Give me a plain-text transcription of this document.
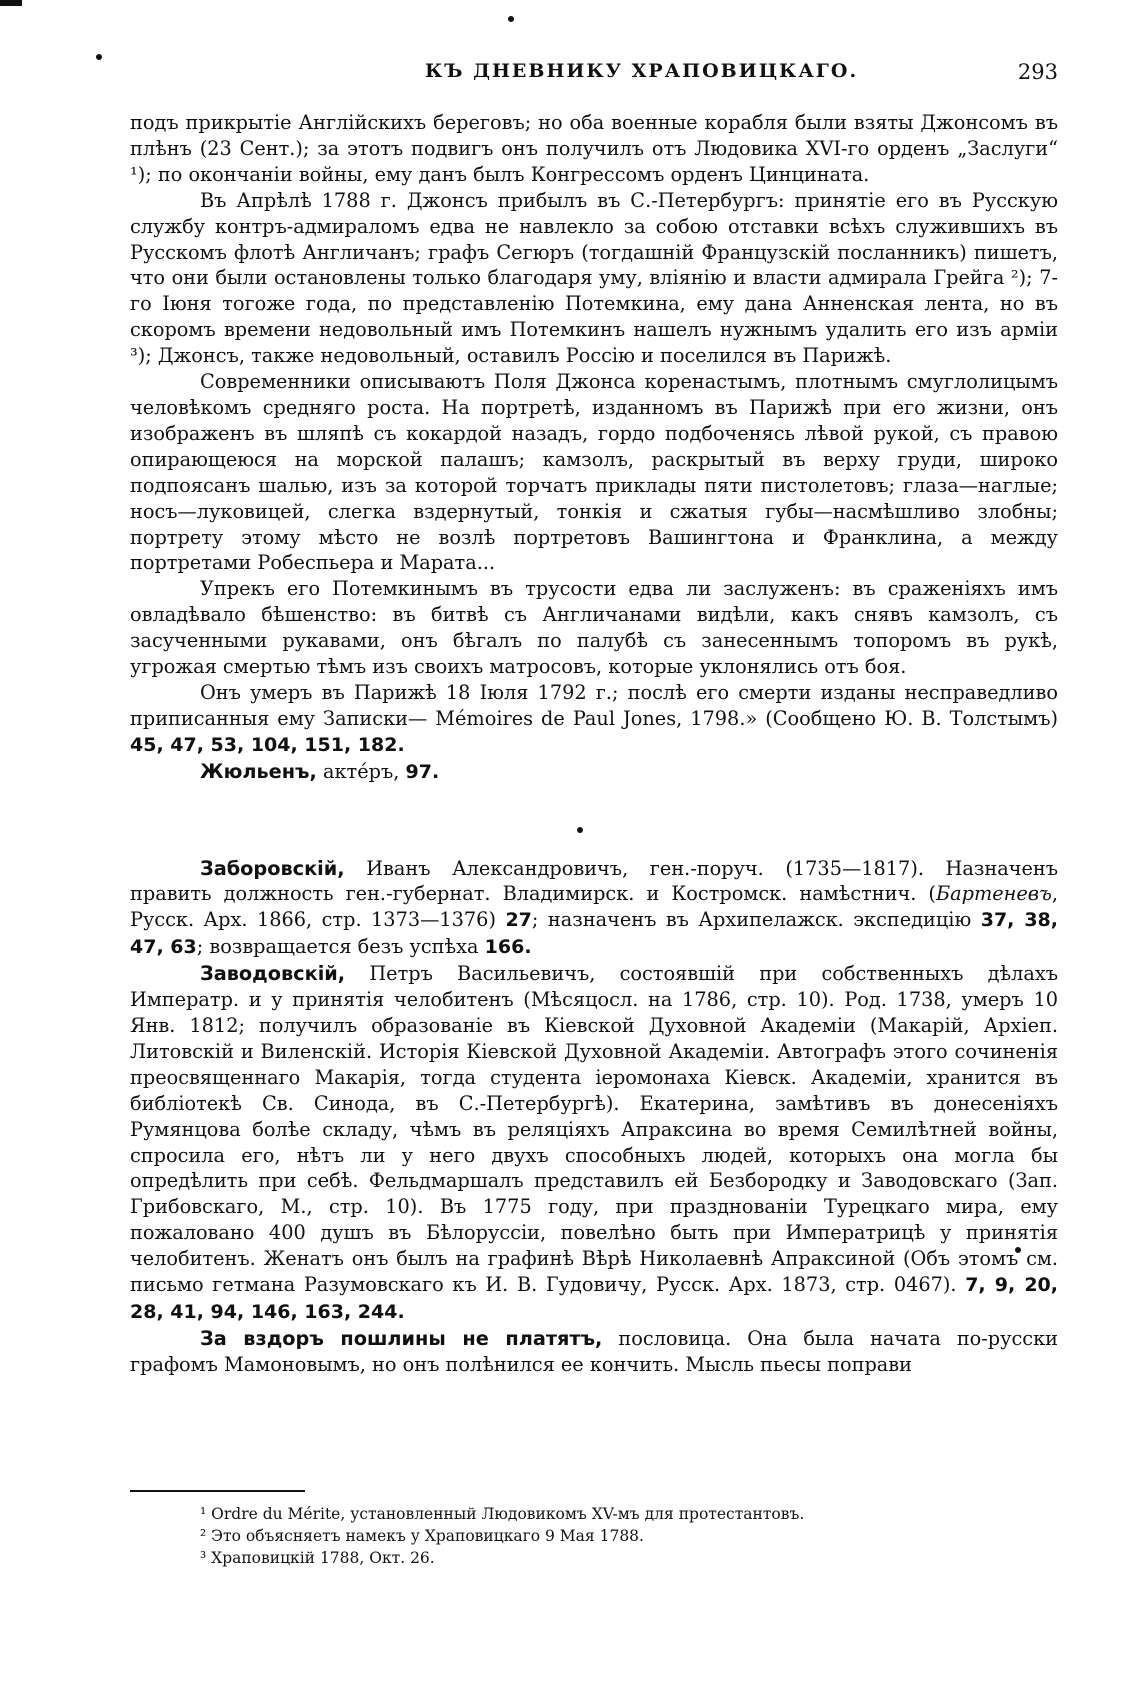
КЪ ДНЕВНИКУ ХРАПОВИЦКАГО.	293

подъ прикрытіе Англійскихъ береговъ; но оба военные корабля были взяты Джонсомъ въ плѣнъ (23 Сент.); за этотъ подвигъ онъ получилъ отъ Людовика XVI-го орденъ „Заслуги“ ¹); по окончаніи войны, ему данъ былъ Конгрессомъ орденъ Цинцината.

Въ Апрѣлѣ 1788 г. Джонсъ прибылъ въ С.-Петербургъ: принятіе его въ Русскую службу контръ-адмираломъ едва не навлекло за собою отставки всѣхъ служившихъ въ Русскомъ флотѣ Англичанъ; графъ Сегюръ (тогдашній Французскій посланникъ) пишетъ, что они были остановлены только благодаря уму, вліянію и власти адмирала Грейга ²); 7-го Іюня тогоже года, по представленію Потемкина, ему дана Анненская лента, но въ скоромъ времени недовольный имъ Потемкинъ нашелъ нужнымъ удалить его изъ арміи ³); Джонсъ, также недовольный, оставилъ Россію и поселился въ Парижѣ.

Современники описываютъ Поля Джонса коренастымъ, плотнымъ смуглолицымъ человѣкомъ средняго роста. На портретѣ, изданномъ въ Парижѣ при его жизни, онъ изображенъ въ шляпѣ съ кокардой назадъ, гордо подбоченясь лѣвой рукой, съ правою опирающеюся на морской палашъ; камзолъ, раскрытый въ верху груди, широко подпоясанъ шалью, изъ за которой торчатъ приклады пяти пистолетовъ; глаза—наглые; носъ—луковицей, слегка вздернутый, тонкія и сжатыя губы—насмѣшливо злобны; портрету этому мѣсто не возлѣ портретовъ Вашингтона и Франклина, а между портретами Робеспьера и Марата...

Упрекъ его Потемкинымъ въ трусости едва ли заслуженъ: въ сраженіяхъ имъ овладѣвало бѣшенство: въ битвѣ съ Англичанами видѣли, какъ снявъ камзолъ, съ засученными рукавами, онъ бѣгалъ по палубѣ съ занесеннымъ топоромъ въ рукѣ, угрожая смертью тѣмъ изъ своихъ матросовъ, которые уклонялись отъ боя.

Онъ умеръ въ Парижѣ 18 Іюля 1792 г.; послѣ его смерти изданы несправедливо приписанныя ему Записки— Mémoires de Paul Jones, 1798.» (Сообщено Ю. В. Толстымъ) 45, 47, 53, 104, 151, 182.

Жюльенъ, акте́ръ, 97.

Заборовскій, Иванъ Александровичъ, ген.-поруч. (1735—1817). Назначенъ править должность ген.-губернат. Владимирск. и Костромск. намѣстнич. (Бартеневъ, Русск. Арх. 1866, стр. 1373—1376) 27; назначенъ въ Архипелажск. экспедицію 37, 38, 47, 63; возвращается безъ успѣха 166.

Заводовскій, Петръ Васильевичъ, состоявшій при собственныхъ дѣлахъ Императр. и у принятія челобитенъ (Мѣсяцосл. на 1786, стр. 10). Род. 1738, умеръ 10 Янв. 1812; получилъ образованіе въ Кіевской Духовной Академіи (Макарій, Архіеп. Литовскій и Виленскій. Исторія Кіевской Духовной Академіи. Автографъ этого сочиненія преосвященнаго Макарія, тогда студента іеромонаха Кіевск. Академіи, хранится въ библіотекѣ Св. Синода, въ С.-Петербургѣ). Екатерина, замѣтивъ въ донесеніяхъ Румянцова болѣе складу, чѣмъ въ реляціяхъ Апраксина во время Семилѣтней войны, спросила его, нѣтъ ли у него двухъ способныхъ людей, которыхъ она могла бы опредѣлить при себѣ. Фельдмаршалъ представилъ ей Безбородку и Заводовскаго (Зап. Грибовскаго, М., стр. 10). Въ 1775 году, при празднованіи Турецкаго мира, ему пожаловано 400 душъ въ Бѣлоруссіи, повелѣно быть при Императрицѣ у принятія челобитенъ. Женатъ онъ былъ на графинѣ Вѣрѣ Николаевнѣ Апраксиной (Объ этомъ см. письмо гетмана Разумовскаго къ И. В. Гудовичу, Русск. Арх. 1873, стр. 0467). 7, 9, 20, 28, 41, 94, 146, 163, 244.

За вздоръ пошлины не платятъ, пословица. Она была начата по-русски графомъ Мамоновымъ, но онъ полѣнился ее кончить. Мысль пьесы поправи

¹ Ordre du Mérite, установленный Людовикомъ XV-мъ для протестантовъ.

² Это объясняетъ намекъ у Храповицкаго 9 Мая 1788.

³ Храповицкій 1788, Окт. 26.
